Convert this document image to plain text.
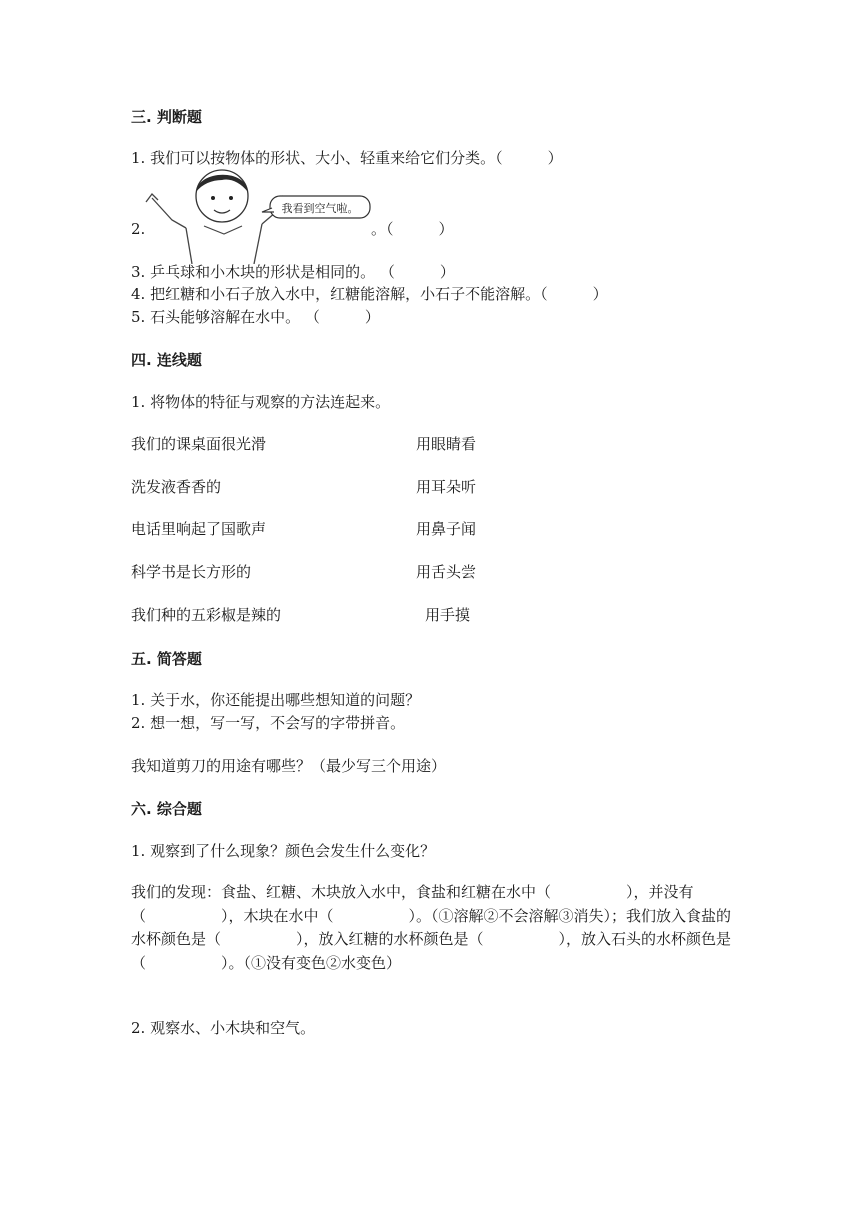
三. 判断题
1. 我们可以按物体的形状、大小、轻重来给它们分类。（　　　）
我看到空气啦。
2.	。（　　　）
3. 乒乓球和小木块的形状是相同的。 （　　　）
4. 把红糖和小石子放入水中，红糖能溶解，小石子不能溶解。（　　　）
5. 石头能够溶解在水中。 （　　　）
四. 连线题
1. 将物体的特征与观察的方法连起来。
我们的课桌面很光滑	用眼睛看
洗发液香香的	用耳朵听
电话里响起了国歌声	用鼻子闻
科学书是长方形的	用舌头尝
我们种的五彩椒是辣的	用手摸
五. 简答题
1. 关于水，你还能提出哪些想知道的问题？
2. 想一想，写一写，不会写的字带拼音。
我知道剪刀的用途有哪些？（最少写三个用途）
六. 综合题
1. 观察到了什么现象？颜色会发生什么变化？
我们的发现：食盐、红糖、木块放入水中，食盐和红糖在水中（　　　　　），并没有（　　　　　），木块在水中（　　　　　）。（①溶解②不会溶解③消失）；我们放入食盐的水杯颜色是（　　　　　），放入红糖的水杯颜色是（　　　　　），放入石头的水杯颜色是（　　　　　）。（①没有变色②水变色）
2. 观察水、小木块和空气。
